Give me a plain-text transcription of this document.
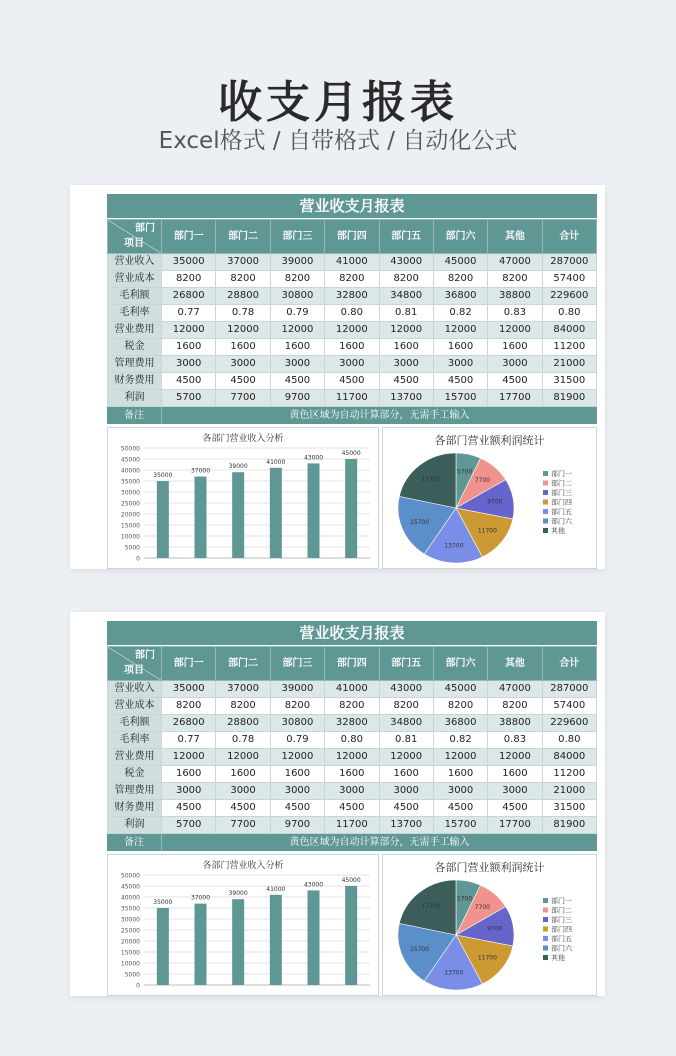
收支月报表
Excel格式 / 自带格式 / 自动化公式
营业收支月报表
部门
项目	部门一	部门二	部门三	部门四	部门五	部门六	其他	合计
营业收入	35000	37000	39000	41000	43000	45000	47000	287000
营业成本	8200	8200	8200	8200	8200	8200	8200	57400
毛利额	26800	28800	30800	32800	34800	36800	38800	229600
毛利率	0.77	0.78	0.79	0.80	0.81	0.82	0.83	0.80
营业费用	12000	12000	12000	12000	12000	12000	12000	84000
税金	1600	1600	1600	1600	1600	1600	1600	11200
管理费用	3000	3000	3000	3000	3000	3000	3000	21000
财务费用	4500	4500	4500	4500	4500	4500	4500	31500
利润	5700	7700	9700	11700	13700	15700	17700	81900
备注	黄色区域为自动计算部分，无需手工输入
各部门营业收入分析
0
5000
10000
15000
20000
25000
30000
35000
40000
45000
50000
35000
37000
39000
41000
43000
45000
各部门营业额利润统计
5700
7700
9700
11700
13700
15700
17700
部门一
部门二
部门三
部门四
部门五
部门六
其他
营业收支月报表
部门
项目	部门一	部门二	部门三	部门四	部门五	部门六	其他	合计
营业收入	35000	37000	39000	41000	43000	45000	47000	287000
营业成本	8200	8200	8200	8200	8200	8200	8200	57400
毛利额	26800	28800	30800	32800	34800	36800	38800	229600
毛利率	0.77	0.78	0.79	0.80	0.81	0.82	0.83	0.80
营业费用	12000	12000	12000	12000	12000	12000	12000	84000
税金	1600	1600	1600	1600	1600	1600	1600	11200
管理费用	3000	3000	3000	3000	3000	3000	3000	21000
财务费用	4500	4500	4500	4500	4500	4500	4500	31500
利润	5700	7700	9700	11700	13700	15700	17700	81900
备注	黄色区域为自动计算部分，无需手工输入
各部门营业收入分析
0
5000
10000
15000
20000
25000
30000
35000
40000
45000
50000
35000
37000
39000
41000
43000
45000
各部门营业额利润统计
5700
7700
9700
11700
13700
15700
17700
部门一
部门二
部门三
部门四
部门五
部门六
其他
